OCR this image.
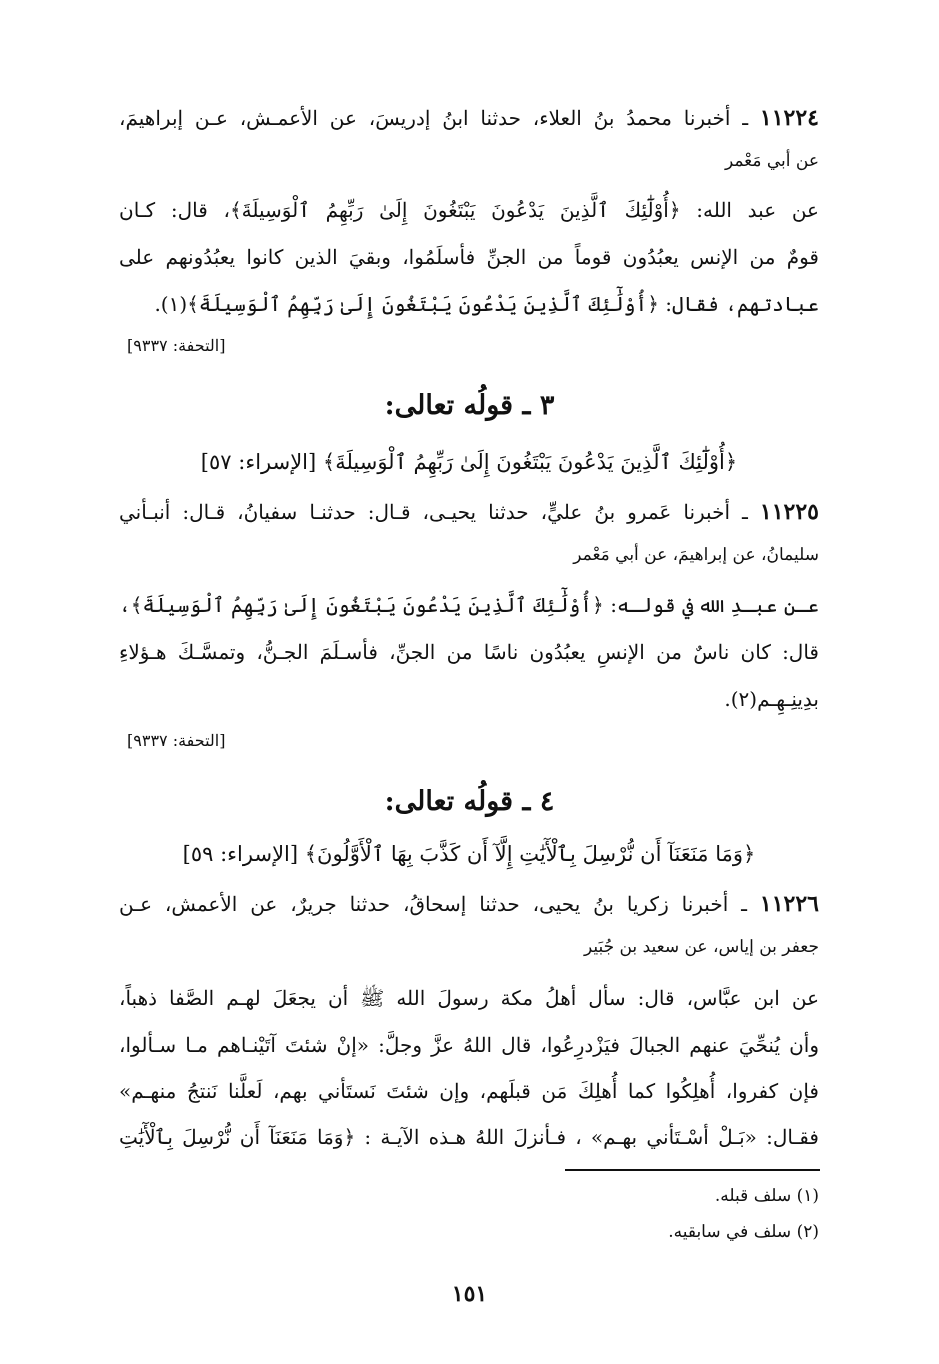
١١٢٢٤ ـ أخبرنا محمدُ بنُ العلاء، حدثنا ابنُ إدريسَ، عن الأعمـش، عـن إبراهيمَ،
عن أبي مَعْمر
عن عبد الله: ﴿أُوْلَٰٓئِكَ ٱلَّذِينَ يَدْعُونَ يَبْتَغُونَ إِلَىٰ رَبِّهِمُ ٱلْوَسِيلَةَ﴾، قال: كـان
قومٌ من الإنس يعبُدُون قوماً من الجنِّ فأسلَمُوا، وبقيَ الذين كانوا يعبُدُونهم على
عبادتهم، فقال: ﴿أُوْلَٰٓئِكَ ٱلَّذِينَ يَدْعُونَ يَبْتَغُونَ إِلَىٰ رَبِّهِمُ ٱلْوَسِيلَةَ﴾(١).
[التحفة: ٩٣٣٧]
٣ ـ قولُه تعالى:
﴿أُوْلَٰٓئِكَ ٱلَّذِينَ يَدْعُونَ يَبْتَغُونَ إِلَىٰ رَبِّهِمُ ٱلْوَسِيلَةَ﴾ [الإسراء: ٥٧]
١١٢٢٥ ـ أخبرنا عَمرو بنُ عليٍّ، حدثنا يحيـى، قـال: حدثنـا سفيانُ، قـال: أنبـأني
سليمانُ، عن إبراهيمَ، عن أبي مَعْمر
عـن عبـدِ الله في قولـه: ﴿أُوْلَٰٓئِكَ ٱلَّذِينَ يَدْعُونَ يَبْتَغُونَ إِلَىٰ رَبِّهِمُ ٱلْوَسِيلَةَ﴾،
قال: كان ناسٌ من الإنسِ يعبُدُون ناسًا من الجنِّ، فأسـلَمَ الجـنُّ، وتمسَّـكَ هـؤلاءِ
بدِينِـهِـم(٢).
[التحفة: ٩٣٣٧]
٤ ـ قولُه تعالى:
﴿وَمَا مَنَعَنَآ أَن نُّرْسِلَ بِٱلْأٓيَٰتِ إِلَّآ أَن كَذَّبَ بِهَا ٱلْأَوَّلُونَ﴾ [الإسراء: ٥٩]
١١٢٢٦ ـ أخبرنا زكريا بنُ يحيى، حدثنا إسحاقُ، حدثنا جريرٌ، عن الأعمش، عـن
جعفر بن إياس، عن سعيد بن جُبَير
عن ابن عبَّاس، قال: سأل أهلُ مكة رسولَ الله ﷺ أن يجعَلَ لهـم الصَّفا ذهباً،
وأن يُنحِّيَ عنهم الجبالَ فيَزْدرِعُوا، قال اللهُ عزَّ وجلَّ: «إنْ شئتَ آتَيْنـاهم مـا سـألوا،
فإن كفروا، أُهلِكُوا كما أُهلِكَ مَن قبلَهم، وإن شئتَ نَستَأني بهم، لَعلَّنا نَنتجُ منهـم»
فقـال: «بَـلْ أسْـتَأني بهـم» ، فـأنزلَ اللهُ هـذه الآيـة : ﴿وَمَا مَنَعَنَآ أَن نُّرْسِلَ بِٱلْأٓيَٰتِ
(١) سلف قبله.
(٢) سلف في سابقيه.
١٥١
